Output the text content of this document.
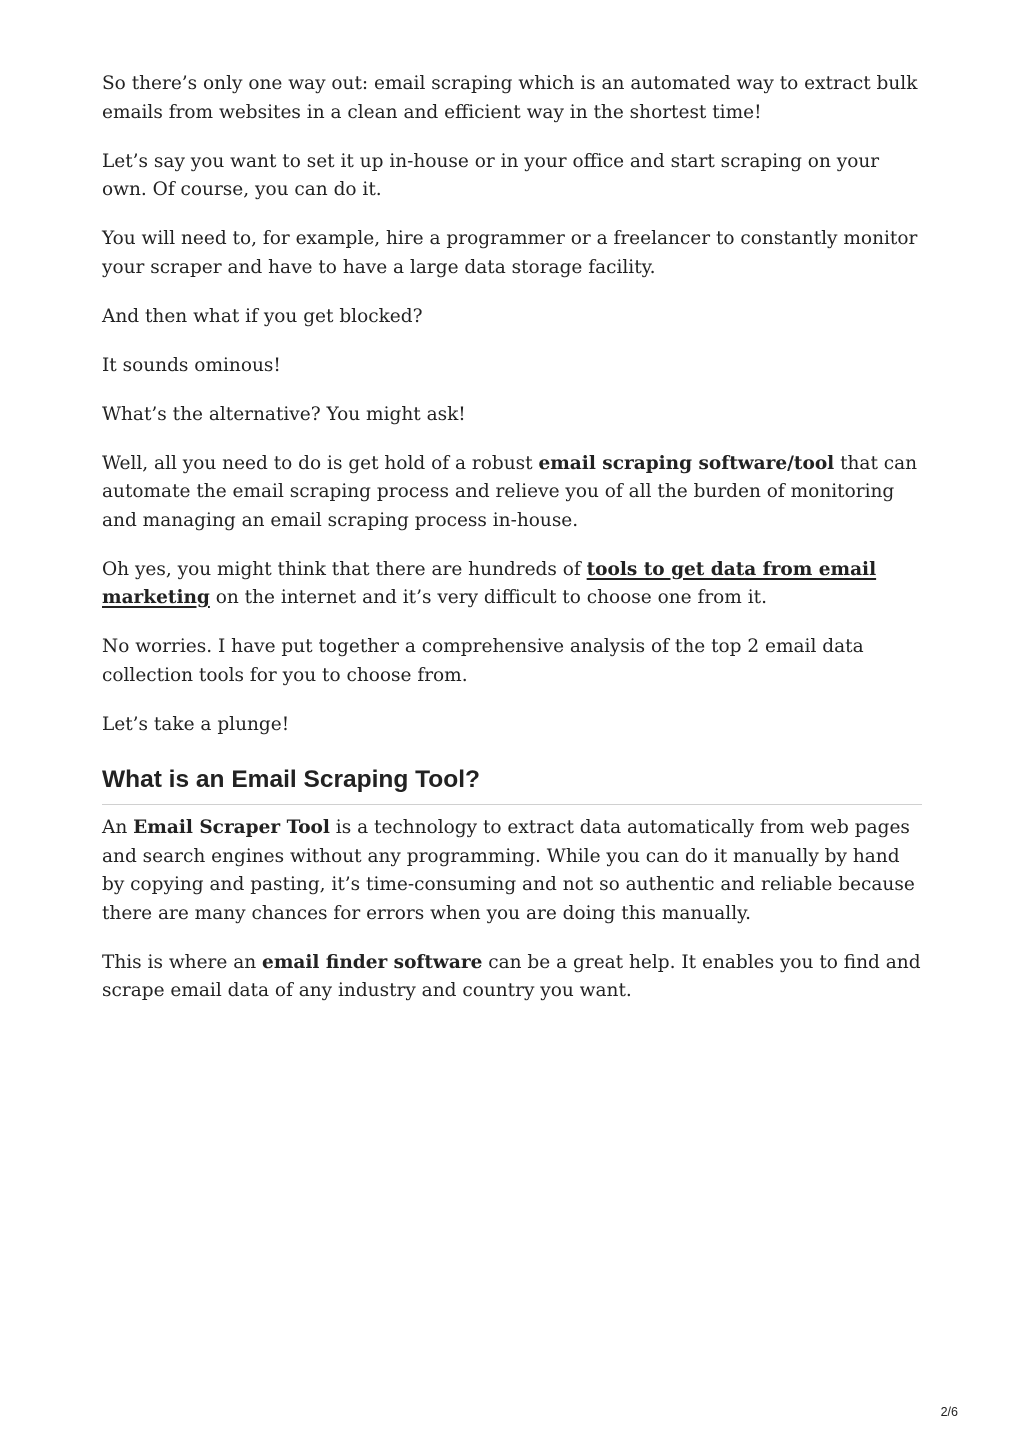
So there’s only one way out: email scraping which is an automated way to extract bulk emails from websites in a clean and efficient way in the shortest time!

Let’s say you want to set it up in-house or in your office and start scraping on your own. Of course, you can do it.

You will need to, for example, hire a programmer or a freelancer to constantly monitor your scraper and have to have a large data storage facility.

And then what if you get blocked?

It sounds ominous!

What’s the alternative? You might ask!

Well, all you need to do is get hold of a robust email scraping software/tool that can automate the email scraping process and relieve you of all the burden of monitoring and managing an email scraping process in-house.

Oh yes, you might think that there are hundreds of tools to get data from email marketing on the internet and it’s very difficult to choose one from it.

No worries. I have put together a comprehensive analysis of the top 2 email data collection tools for you to choose from.

Let’s take a plunge!

What is an Email Scraping Tool?

An Email Scraper Tool is a technology to extract data automatically from web pages and search engines without any programming. While you can do it manually by hand by copying and pasting, it’s time-consuming and not so authentic and reliable because there are many chances for errors when you are doing this manually.

This is where an email finder software can be a great help. It enables you to find and scrape email data of any industry and country you want.

2/6
